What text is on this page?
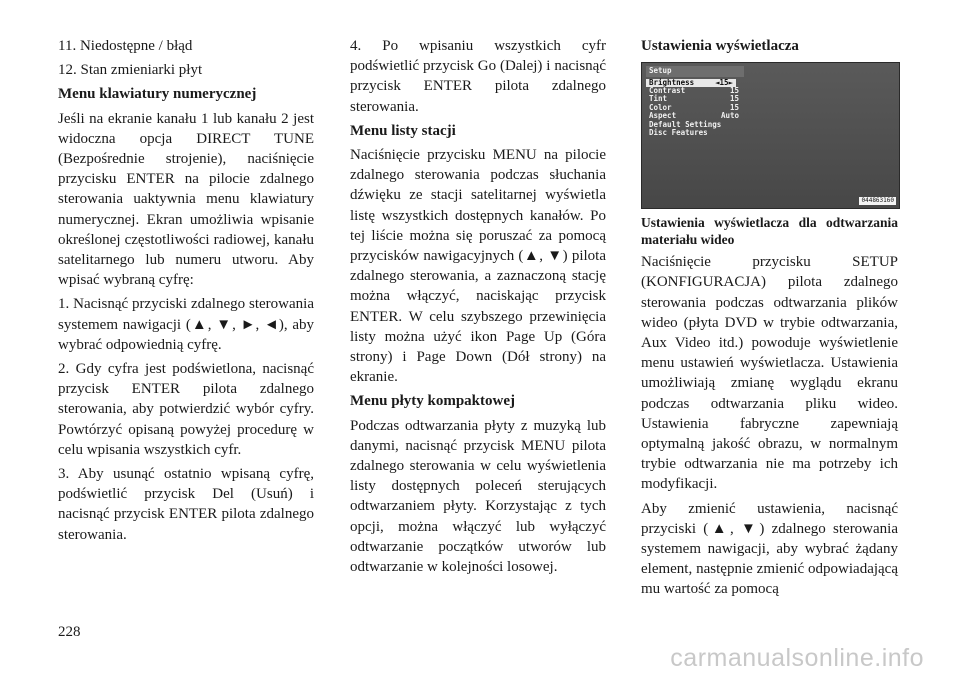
11. Niedostępne / błąd

12. Stan zmieniarki płyt

Menu klawiatury numerycznej

Jeśli na ekranie kanału 1 lub kanału 2 jest widoczna opcja DIRECT TUNE (Bezpośrednie strojenie), naciśnięcie przycisku ENTER na pilocie zdalnego sterowania uaktywnia menu klawiatury numerycznej. Ekran umożliwia wpisanie określonej częstotliwości radiowej, kanału satelitarnego lub numeru utworu. Aby wpisać wybraną cyfrę:

1. Nacisnąć przyciski zdalnego sterowania systemem nawigacji (▲, ▼, ►, ◄), aby wybrać odpowiednią cyfrę.

2. Gdy cyfra jest podświetlona, nacisnąć przycisk ENTER pilota zdalnego sterowania, aby potwierdzić wybór cyfry. Powtórzyć opisaną powyżej procedurę w celu wpisania wszystkich cyfr.

3. Aby usunąć ostatnio wpisaną cyfrę, podświetlić przycisk Del (Usuń) i nacisnąć przycisk ENTER pilota zdalnego sterowania.

4. Po wpisaniu wszystkich cyfr podświetlić przycisk Go (Dalej) i nacisnąć przycisk ENTER pilota zdalnego sterowania.

Menu listy stacji

Naciśnięcie przycisku MENU na pilocie zdalnego sterowania podczas słuchania dźwięku ze stacji satelitarnej wyświetla listę wszystkich dostępnych kanałów. Po tej liście można się poruszać za pomocą przycisków nawigacyjnych (▲, ▼) pilota zdalnego sterowania, a zaznaczoną stację można włączyć, naciskając przycisk ENTER. W celu szybszego przewinięcia listy można użyć ikon Page Up (Góra strony) i Page Down (Dół strony) na ekranie.

Menu płyty kompaktowej

Podczas odtwarzania płyty z muzyką lub danymi, nacisnąć przycisk MENU pilota zdalnego sterowania w celu wyświetlenia listy dostępnych poleceń sterujących odtwarzaniem płyty. Korzystając z tych opcji, można włączyć lub wyłączyć odtwarzanie początków utworów lub odtwarzanie w kolejności losowej.

Ustawienia wyświetlacza

Setup
Brightness	◄15►
Contrast	15
Tint	15
Color	15
Aspect	Auto
Default Settings
Disc Features
044863160

Ustawienia wyświetlacza dla odtwarzania materiału wideo

Naciśnięcie przycisku SETUP (KONFIGURACJA) pilota zdalnego sterowania podczas odtwarzania plików wideo (płyta DVD w trybie odtwarzania, Aux Video itd.) powoduje wyświetlenie menu ustawień wyświetlacza. Ustawienia umożliwiają zmianę wyglądu ekranu podczas odtwarzania pliku wideo. Ustawienia fabryczne zapewniają optymalną jakość obrazu, w normalnym trybie odtwarzania nie ma potrzeby ich modyfikacji.

Aby zmienić ustawienia, nacisnąć przyciski (▲, ▼) zdalnego sterowania systemem nawigacji, aby wybrać żądany element, następnie zmienić odpowiadającą mu wartość za pomocą

228
carmanualsonline.info
